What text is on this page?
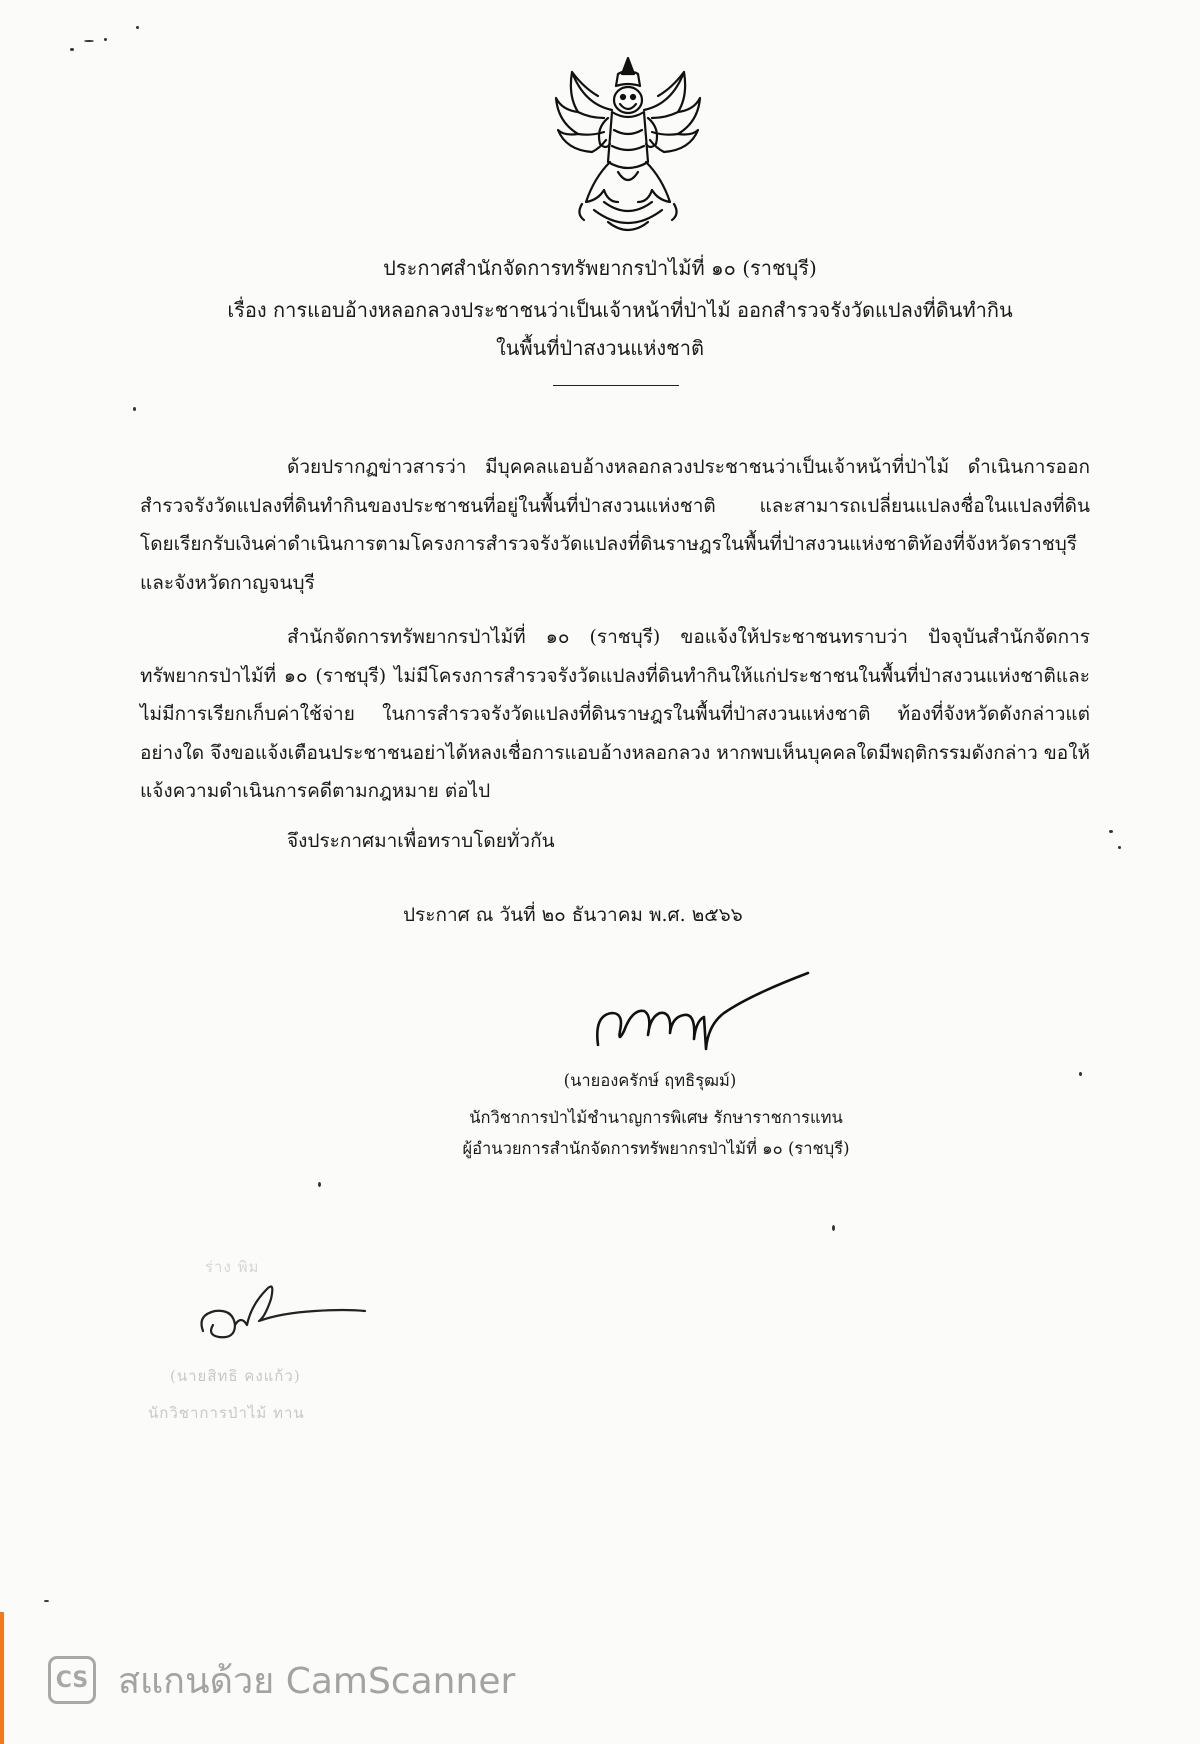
ประกาศสำนักจัดการทรัพยากรป่าไม้ที่ ๑๐ (ราชบุรี)
เรื่อง การแอบอ้างหลอกลวงประชาชนว่าเป็นเจ้าหน้าที่ป่าไม้ ออกสำรวจรังวัดแปลงที่ดินทำกิน
ในพื้นที่ป่าสงวนแห่งชาติ

ด้วยปรากฏข่าวสารว่า มีบุคคลแอบอ้างหลอกลวงประชาชนว่าเป็นเจ้าหน้าที่ป่าไม้ ดำเนินการออกสำรวจรังวัดแปลงที่ดินทำกินของประชาชนที่อยู่ในพื้นที่ป่าสงวนแห่งชาติ และสามารถเปลี่ยนแปลงชื่อในแปลงที่ดิน โดยเรียกรับเงินค่าดำเนินการตามโครงการสำรวจรังวัดแปลงที่ดินราษฎรในพื้นที่ป่าสงวนแห่งชาติท้องที่จังหวัดราชบุรี และจังหวัดกาญจนบุรี

สำนักจัดการทรัพยากรป่าไม้ที่ ๑๐ (ราชบุรี) ขอแจ้งให้ประชาชนทราบว่า ปัจจุบันสำนักจัดการทรัพยากรป่าไม้ที่ ๑๐ (ราชบุรี) ไม่มีโครงการสำรวจรังวัดแปลงที่ดินทำกินให้แก่ประชาชนในพื้นที่ป่าสงวนแห่งชาติและไม่มีการเรียกเก็บค่าใช้จ่าย ในการสำรวจรังวัดแปลงที่ดินราษฎรในพื้นที่ป่าสงวนแห่งชาติ ท้องที่จังหวัดดังกล่าวแต่อย่างใด จึงขอแจ้งเตือนประชาชนอย่าได้หลงเชื่อการแอบอ้างหลอกลวง หากพบเห็นบุคคลใดมีพฤติกรรมดังกล่าว ขอให้แจ้งความดำเนินการคดีตามกฎหมาย ต่อไป

จึงประกาศมาเพื่อทราบโดยทั่วกัน
ประกาศ ณ วันที่ ๒๐ ธันวาคม พ.ศ. ๒๕๖๖
(นายองครักษ์ ฤทธิรุฒม์)
นักวิชาการป่าไม้ชำนาญการพิเศษ รักษาราชการแทน
ผู้อำนวยการสำนักจัดการทรัพยากรป่าไม้ที่ ๑๐ (ราชบุรี)
ร่าง พิม
(นายสิทธิ คงแก้ว)
นักวิชาการป่าไม้ ทาน
CS สแกนด้วย CamScanner
